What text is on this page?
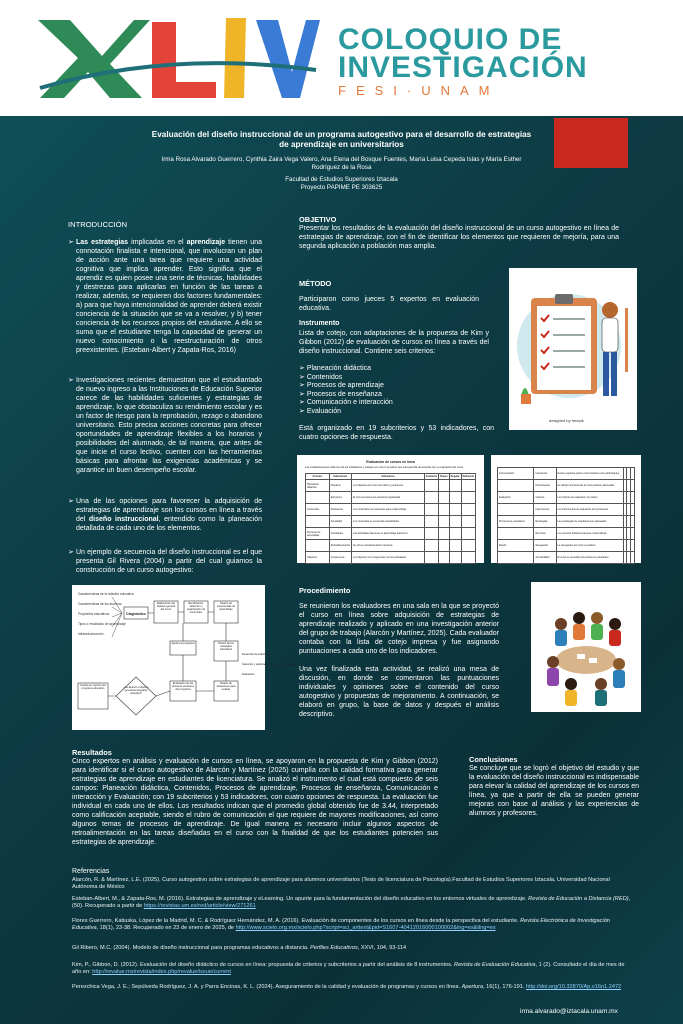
COLOQUIO DE
INVESTIGACIÓN
FESI·UNAM

Evaluación del diseño instruccional de un programa autogestivo para el desarrollo de estrategias de aprendizaje en universitarios

Irma Rosa Alvarado Guerrero, Cynthia Zaira Vega Valero, Ana Elena del Bosque Fuentes, María Luisa Cepeda Islas y María Esther Rodríguez de la Rosa

Facultad de Estudios Superiores Iztacala
Proyecto PAPIME PE 303625
INTRODUCCIÓN
➢ Las estrategias implicadas en el aprendizaje tienen una connotación finalista e intencional, que involucran un plan de acción ante una tarea que requiere una actividad cognitiva que implica aprender. Esto significa que el aprendiz es quien posee una serie de técnicas, habilidades y destrezas para aplicarlas en función de las tareas a realizar, además, se requieren dos factores fundamentales: a) para que haya intencionalidad de aprender deberá existir conciencia de la situación que se va a resolver, y b) tener conciencia de los recursos propios del estudiante. A ello se suma que el estudiante tenga la capacidad de generar un nuevo conocimiento o la reestructuración de otros preexistentes. (Esteban-Albert y Zapata-Ros, 2016)
➢ Investigaciones recientes demuestran que el estudiantado de nuevo ingreso a las Instituciones de Educación Superior carece de las habilidades suficientes y estrategias de aprendizaje, lo que obstaculiza su rendimiento escolar y es un factor de riesgo para la reprobación, rezago o abandono universitario. Esto precisa acciones concretas para ofrecer oportunidades de aprendizaje flexibles a los horarios y posibilidades del alumnado, de tal manera, que antes de que inicie el curso lectivo, cuenten con las herramientas básicas para afrontar las exigencias académicas y se garantice un buen desempeño escolar.
➢ Una de las opciones para favorecer la adquisición de estrategias de aprendizaje son los cursos en línea a través del diseño instruccional, entendido como la planeación detallada de cada uno de los elementos.
➢ Un ejemplo de secuencia del diseño instruccional es el que presenta Gil Rivera (2004) a partir del cual guiamos la construcción de un curso autogestivo:
Características de la relación educativa
Características de los alumnos
Propósitos educativos
Tipos o resultados de aprendizaje
Infraestructura tec.
Diagnóstico
Elaboración del objetivo general del curso
Identificación, selección y organización de contenidos
Diseño de experiencias de aprendizaje
Diseño de los materiales educativos
Diseño de situaciones para evaluar
Evaluación de las primeras versiones del programa
Ajustes al programa
Puesta en marcha del programa educativo	¿Se alcanzó el objetivo general del programa educativo?
Desarrollo de actividades
Selección y elaboración de materiales didácticos
Evaluación
OBJETIVO

Presentar los resultados de la evaluación del diseño instruccional de un curso autogestivo en línea de estrategias de aprendizaje, con el fin de identificar los elementos que requieren de mejoría, para una segunda aplicación a población mas amplia.

MÉTODO

Participaron como jueces 5 expertos en evaluación educativa.

Instrumento

Lista de cotejo, con adaptaciones de la propuesta de Kim y Gibbon (2012) de evaluación de cursos en línea a través del diseño instruccional. Contiene seis criterios:

➢ Planeación didáctica
➢ Contenidos
➢ Procesos de aprendizaje
➢ Procesos de enseñanza
➢ Comunicación e interacción
➢ Evaluación

Está organizado en 19 subcriterios y 53 indicadores, con cuatro opciones de respuesta.

designed by freepik
Evaluación de cursos en línea
Lea cuidadosamente cada uno de los indicadores y marque con una X la opción que corresponda de acuerdo con su valoración del curso.
Criterios	Subcriterios	Indicadores	Excelente	Bueno	Regular	Deficiente
Planeación didáctica	Objetivos	Los objetivos del curso son claros y pertinentes				
	Estructura	El curso presenta una estructura organizada				
Contenidos	Relevancia	Los contenidos son relevantes para el aprendizaje				
	Actualidad	Los contenidos se encuentran actualizados				
Procesos de aprendizaje	Actividades	Las actividades favorecen el aprendizaje autónomo				
	Retroalimentación	Se ofrece retroalimentación oportuna				
Objetivos	Congruencia	Los objetivos son congruentes con las actividades				
Comunicación	Interacción	Existen espacios para la comunicación entre participantes			
	Herramientas	Se utilizan herramientas de comunicación adecuadas			
Evaluación	Criterios	Los criterios de evaluación son claros			
	Instrumentos	Los instrumentos de evaluación son pertinentes			
Procesos de enseñanza	Estrategias	Las estrategias de enseñanza son adecuadas			
	Recursos	Los recursos didácticos apoyan el aprendizaje			
Diseño	Navegación	La navegación del curso es intuitiva			
	Accesibilidad	El curso es accesible para todos los estudiantes			
Procedimiento

Se reunieron los evaluadores en una sala en la que se proyectó el curso en línea sobre adquisición de estrategias de aprendizaje realizado y aplicado en una investigación anterior del grupo de trabajo (Alarcón y Martínez, 2025). Cada evaluador contaba con la lista de cotejo impresa y fue asignando puntuaciones a cada uno de los indicadores.

Una vez finalizada esta actividad, se realizó una mesa de discusión, en donde se comentaron las puntuaciones individuales y opiniones sobre el contenido del curso autogestivo y propuestas de mejoramiento. A continuación, se elaboró en grupo, la base de datos y después el análisis descriptivo.

Resultados

Cinco expertos en análisis y evaluación de cursos en línea, se apoyaron en la propuesta de Kim y Gibbon (2012) para identificar si el curso autogestivo de Alarcón y Martínez (2025) cumplía con la calidad formativa para generar estrategias de aprendizaje en estudiantes de licenciatura. Se analizó el instrumento el cual está compuesto de seis campos: Planeación didáctica, Contenidos, Procesos de aprendizaje, Procesos de enseñanza, Comunicación e interacción y Evaluación; con 19 subcriterios y 53 indicadores, con cuatro opciones de respuesta. La evaluación fue individual en cada uno de ellos. Los resultados indican que el promedio global obtenido fue de 3.44, interpretado como calificación aceptable, siendo el rubro de comunicación el que requiere de mayores modificaciones, así como algunos temas de procesos de aprendizaje. De igual manera es necesario incluir algunos aspectos de retroalimentación en las tareas diseñadas en el curso con la finalidad de que los estudiantes potencien sus estrategias de aprendizaje.

Conclusiones

Se concluye que se logró el objetivo del estudio y que la evaluación del diseño instruccional es indispensable para elevar la calidad del aprendizaje de los cursos en línea, ya que a partir de ella se pueden generar mejoras con base al análisis y las experiencias de alumnos y profesores.

Referencias
Alarcón, R. & Martínez, L.E. (2025). Curso autogestivo sobre estrategias de aprendizaje para alumnos universitarios (Tesis de licenciatura de Psicología).Facultad de Estudios Superiores Iztacala, Universidad Nacional Autónoma de México
Esteban-Albert, M., & Zapata-Ros, M. (2016). Estrategias de aprendizaje y eLearning. Un apunte para la fundamentación del diseño educativo en los entornos virtuales de aprendizaje. Revista de Educación a Distancia (RED), (50). Recuperado a partir de https://revistas.um.es/red/article/view/271261
Flores Guerrero, Katiuska, López de la Madrid, M. C. & Rodríguez Hernández, M. A. (2016). Evaluación de componentes de los cursos en línea desde la perspectiva del estudiante. Revista Electrónica de Investigación Educativa, 18(1), 23-38. Recuperado en 23 de enero de 2025, de http://www.scielo.org.mx/scielo.php?script=sci_arttext&pid=S1607-40412016000100002&lng=es&tlng=es
Gil Ribero, M.C. (2004). Modelo de diseño instruccional para programas educativos a distancia. Perfiles Educativos, XXVI, 104, 93-114
Kim, P., Gibbon, D. (2012). Evaluación del diseño didáctico de cursos en línea: propuesta de criterios y subcriterios a partir del análisis de 8 instrumentos. Revista de Evaluación Educativa, 1 (2). Consultado el día de mes de año en: http://revalue.mx/revista/index.php/revalue/issue/current
Perezchica Vega, J. E.; Sepúlveda Rodríguez, J. A. y Parra Encinas, K. L. (2024). Aseguramiento de la calidad y evaluación de programas y cursos en línea. Apertura, 16(1), 176-191. http://doi.org/10.32870/Ap.v16n1.2472
irma.alvarado@iztacala.unam.mx
